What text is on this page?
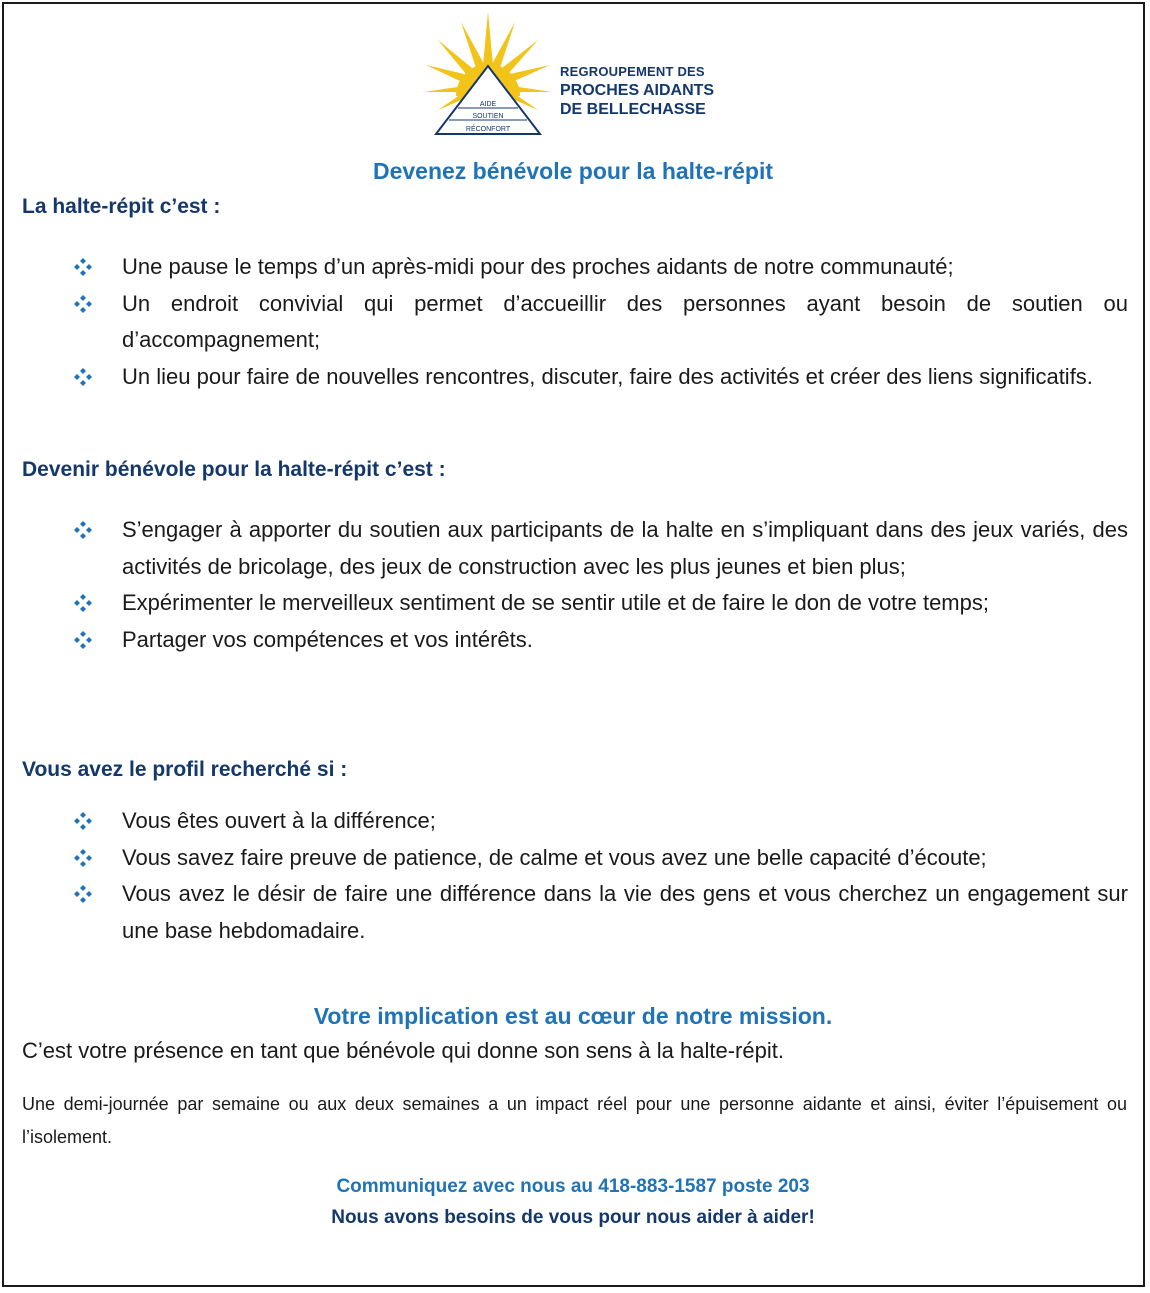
AIDE
SOUTIEN
RÉCONFORT
REGROUPEMENT DES
PROCHES AIDANTS
DE BELLECHASSE
Devenez bénévole pour la halte-répit
La halte-répit c’est :
Une pause le temps d’un après-midi pour des proches aidants de notre communauté;
Un endroit convivial qui permet d’accueillir des personnes ayant besoin de soutien ou d’accompagnement;
Un lieu pour faire de nouvelles rencontres, discuter, faire des activités et créer des liens significatifs.
Devenir bénévole pour la halte-répit c’est :
S’engager à apporter du soutien aux participants de la halte en s’impliquant dans des jeux variés, des activités de bricolage, des jeux de construction avec les plus jeunes et bien plus;
Expérimenter le merveilleux sentiment de se sentir utile et de faire le don de votre temps;
Partager vos compétences et vos intérêts.
Vous avez le profil recherché si :
Vous êtes ouvert à la différence;
Vous savez faire preuve de patience, de calme et vous avez une belle capacité d’écoute;
Vous avez le désir de faire une différence dans la vie des gens et vous cherchez un engagement sur une base hebdomadaire.
Votre implication est au cœur de notre mission.
C’est votre présence en tant que bénévole qui donne son sens à la halte-répit.
Une demi-journée par semaine ou aux deux semaines a un impact réel pour une personne aidante et ainsi, éviter l’épuisement ou l’isolement.
Communiquez avec nous au 418-883-1587 poste 203
Nous avons besoins de vous pour nous aider à aider!
